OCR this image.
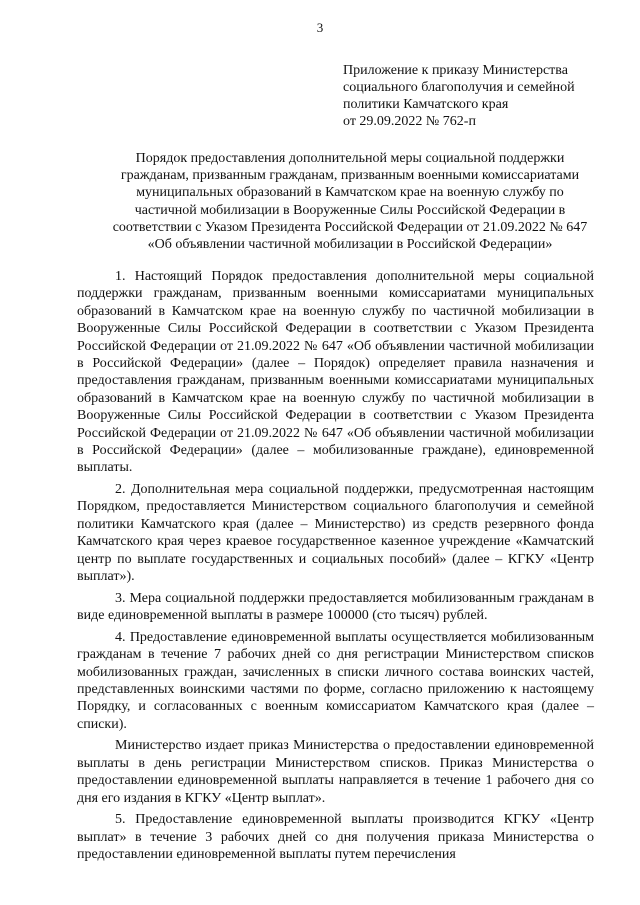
3
Приложение к приказу Министерства
социального благополучия и семейной
политики Камчатского края
от 29.09.2022 № 762-п
Порядок предоставления дополнительной меры социальной поддержки
гражданам, призванным гражданам, призванным военными комиссариатами
муниципальных образований в Камчатском крае на военную службу по
частичной мобилизации в Вооруженные Силы Российской Федерации в
соответствии с Указом Президента Российской Федерации от 21.09.2022 № 647
«Об объявлении частичной мобилизации в Российской Федерации»

1. Настоящий Порядок предоставления дополнительной меры социальной поддержки гражданам, призванным военными комиссариатами муниципальных образований в Камчатском крае на военную службу по частичной мобилизации в Вооруженные Силы Российской Федерации в соответствии с Указом Президента Российской Федерации от 21.09.2022 № 647 «Об объявлении частичной мобилизации в Российской Федерации» (далее – Порядок) определяет правила назначения и предоставления гражданам, призванным военными комиссариатами муниципальных образований в Камчатском крае на военную службу по частичной мобилизации в Вооруженные Силы Российской Федерации в соответствии с Указом Президента Российской Федерации от 21.09.2022 № 647 «Об объявлении частичной мобилизации в Российской Федерации» (далее – мобилизованные граждане), единовременной выплаты.

2. Дополнительная мера социальной поддержки, предусмотренная настоящим Порядком, предоставляется Министерством социального благополучия и семейной политики Камчатского края (далее – Министерство) из средств резервного фонда Камчатского края через краевое государственное казенное учреждение «Камчатский центр по выплате государственных и социальных пособий» (далее – КГКУ «Центр выплат»).

3. Мера социальной поддержки предоставляется мобилизованным гражданам в виде единовременной выплаты в размере 100000 (сто тысяч) рублей.

4. Предоставление единовременной выплаты осуществляется мобилизованным гражданам в течение 7 рабочих дней со дня регистрации Министерством списков мобилизованных граждан, зачисленных в списки личного состава воинских частей, представленных воинскими частями по форме, согласно приложению к настоящему Порядку, и согласованных с военным комиссариатом Камчатского края (далее – списки).

Министерство издает приказ Министерства о предоставлении единовременной выплаты в день регистрации Министерством списков. Приказ Министерства о предоставлении единовременной выплаты направляется в течение 1 рабочего дня со дня его издания в КГКУ «Центр выплат».

5. Предоставление единовременной выплаты производится КГКУ «Центр выплат» в течение 3 рабочих дней со дня получения приказа Министерства о предоставлении единовременной выплаты путем перечисления
